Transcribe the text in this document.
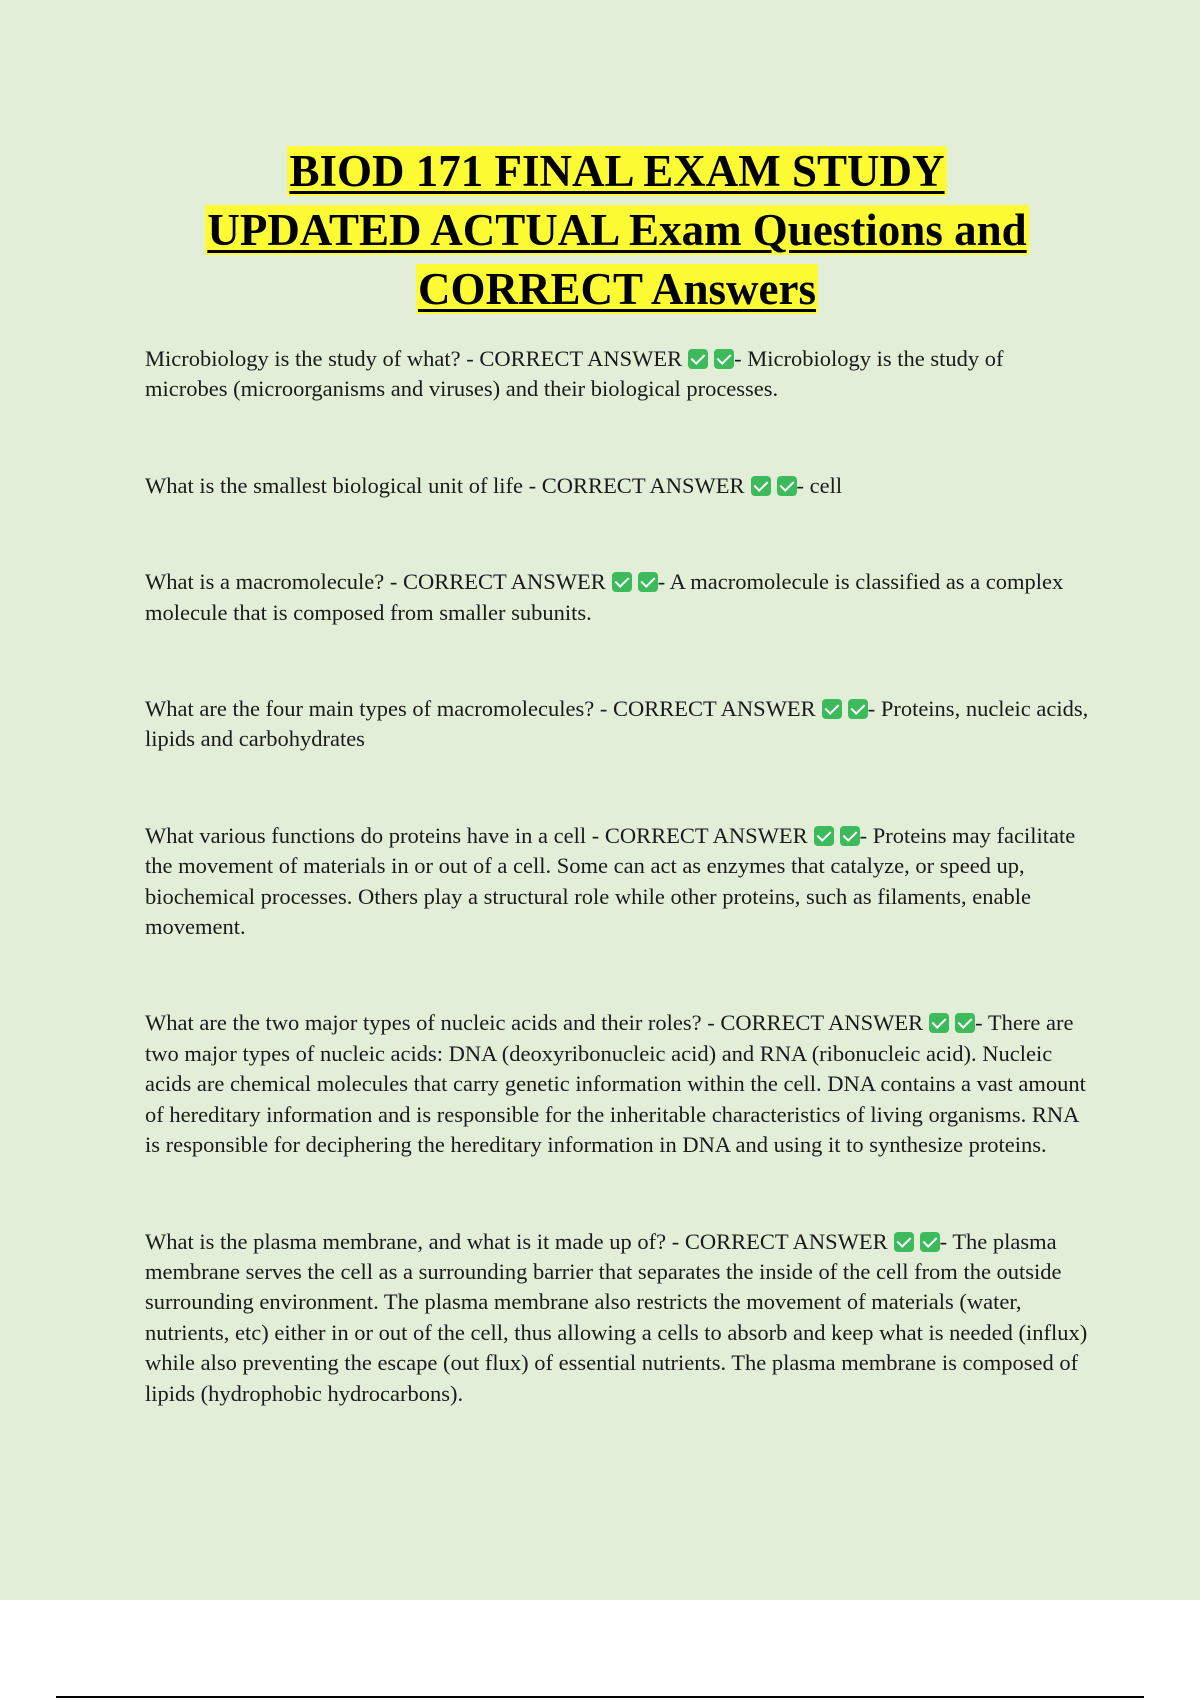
BIOD 171 FINAL EXAM STUDY
UPDATED ACTUAL Exam Questions and
CORRECT Answers

Microbiology is the study of what? - CORRECT ANSWER - Microbiology is the study of microbes (microorganisms and viruses) and their biological processes.

What is the smallest biological unit of life - CORRECT ANSWER - cell

What is a macromolecule? - CORRECT ANSWER - A macromolecule is classified as a complex molecule that is composed from smaller subunits.

What are the four main types of macromolecules? - CORRECT ANSWER - Proteins, nucleic acids, lipids and carbohydrates

What various functions do proteins have in a cell - CORRECT ANSWER - Proteins may facilitate the movement of materials in or out of a cell. Some can act as enzymes that catalyze, or speed up, biochemical processes. Others play a structural role while other proteins, such as filaments, enable movement.

What are the two major types of nucleic acids and their roles? - CORRECT ANSWER - There are two major types of nucleic acids: DNA (deoxyribonucleic acid) and RNA (ribonucleic acid). Nucleic acids are chemical molecules that carry genetic information within the cell. DNA contains a vast amount of hereditary information and is responsible for the inheritable characteristics of living organisms. RNA is responsible for deciphering the hereditary information in DNA and using it to synthesize proteins.

What is the plasma membrane, and what is it made up of? - CORRECT ANSWER - The plasma membrane serves the cell as a surrounding barrier that separates the inside of the cell from the outside surrounding environment. The plasma membrane also restricts the movement of materials (water, nutrients, etc) either in or out of the cell, thus allowing a cells to absorb and keep what is needed (influx) while also preventing the escape (out flux) of essential nutrients. The plasma membrane is composed of lipids (hydrophobic hydrocarbons).
